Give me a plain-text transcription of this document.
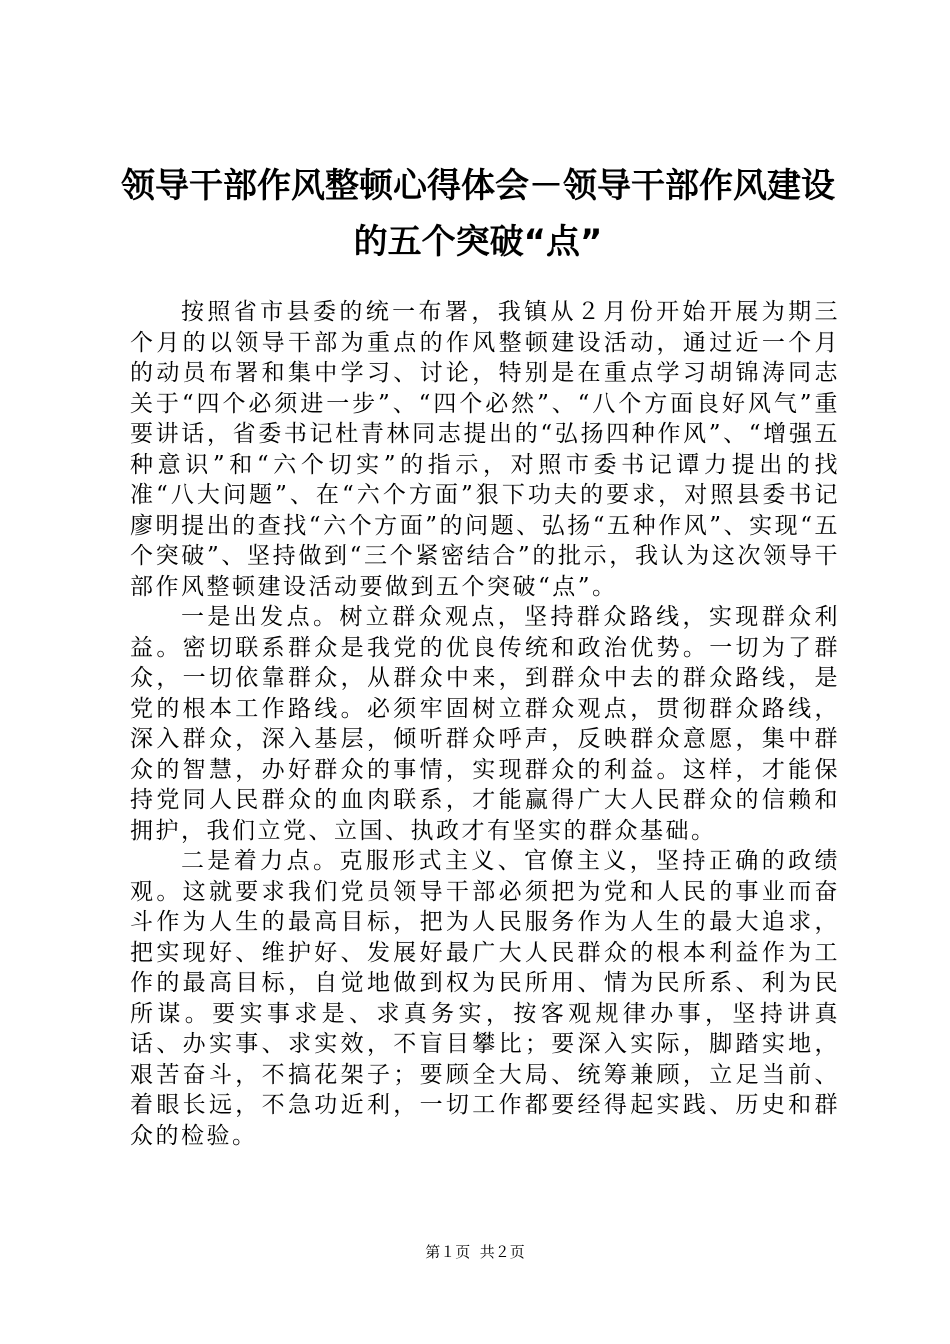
领导干部作风整顿心得体会－领导干部作风建设的五个突破“点”

按照省市县委的统一布署，我镇从２月份开始开展为期三个月的以领导干部为重点的作风整顿建设活动，通过近一个月的动员布署和集中学习、讨论，特别是在重点学习胡锦涛同志关于“四个必须进一步”、“四个必然”、“八个方面良好风气”重要讲话，省委书记杜青林同志提出的“弘扬四种作风”、“增强五种意识”和“六个切实”的指示，对照市委书记谭力提出的找准“八大问题”、在“六个方面”狠下功夫的要求，对照县委书记廖明提出的查找“六个方面”的问题、弘扬“五种作风”、实现“五个突破”、坚持做到“三个紧密结合”的批示，我认为这次领导干部作风整顿建设活动要做到五个突破“点”。

一是出发点。树立群众观点，坚持群众路线，实现群众利益。密切联系群众是我党的优良传统和政治优势。一切为了群众，一切依靠群众，从群众中来，到群众中去的群众路线，是党的根本工作路线。必须牢固树立群众观点，贯彻群众路线，深入群众，深入基层，倾听群众呼声，反映群众意愿，集中群众的智慧，办好群众的事情，实现群众的利益。这样，才能保持党同人民群众的血肉联系，才能赢得广大人民群众的信赖和拥护，我们立党、立国、执政才有坚实的群众基础。

二是着力点。克服形式主义、官僚主义，坚持正确的政绩观。这就要求我们党员领导干部必须把为党和人民的事业而奋斗作为人生的最高目标，把为人民服务作为人生的最大追求，把实现好、维护好、发展好最广大人民群众的根本利益作为工作的最高目标，自觉地做到权为民所用、情为民所系、利为民所谋。要实事求是、求真务实，按客观规律办事，坚持讲真话、办实事、求实效，不盲目攀比；要深入实际，脚踏实地，艰苦奋斗，不搞花架子；要顾全大局、统筹兼顾，立足当前、着眼长远，不急功近利，一切工作都要经得起实践、历史和群众的检验。

第１页 共２页
